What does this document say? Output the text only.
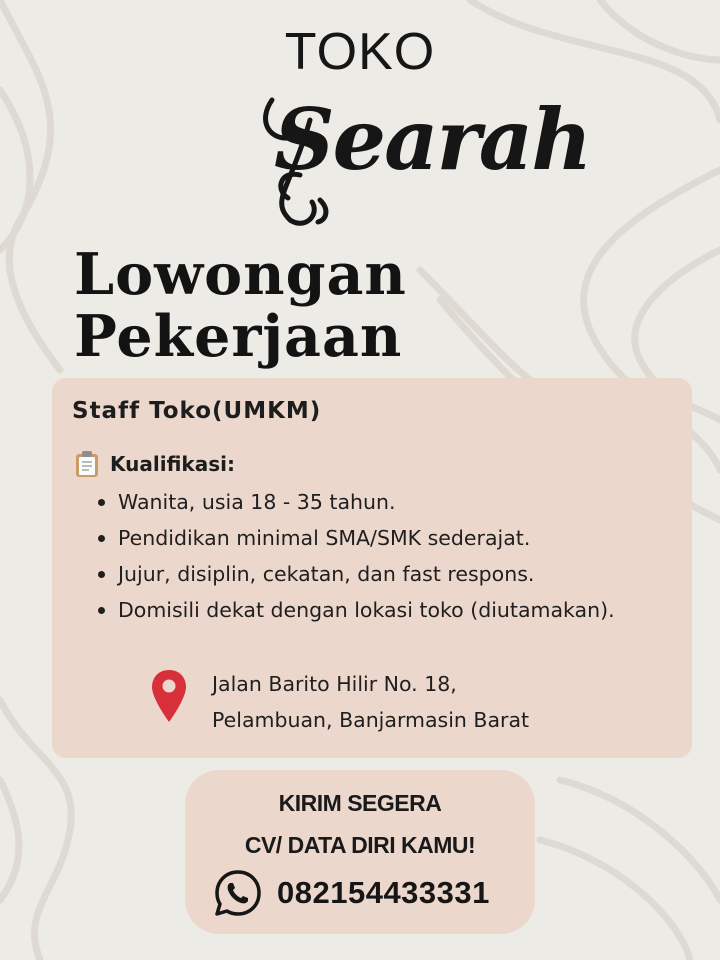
TOKO
Searah
Lowongan
Pekerjaan
Staff Toko(UMKM)
Kualifikasi:
Wanita, usia 18 - 35 tahun.
Pendidikan minimal SMA/SMK sederajat.
Jujur, disiplin, cekatan, dan fast respons.
Domisili dekat dengan lokasi toko (diutamakan).
Jalan Barito Hilir No. 18,
Pelambuan, Banjarmasin Barat
KIRIM SEGERA
CV/ DATA DIRI KAMU!
082154433331
